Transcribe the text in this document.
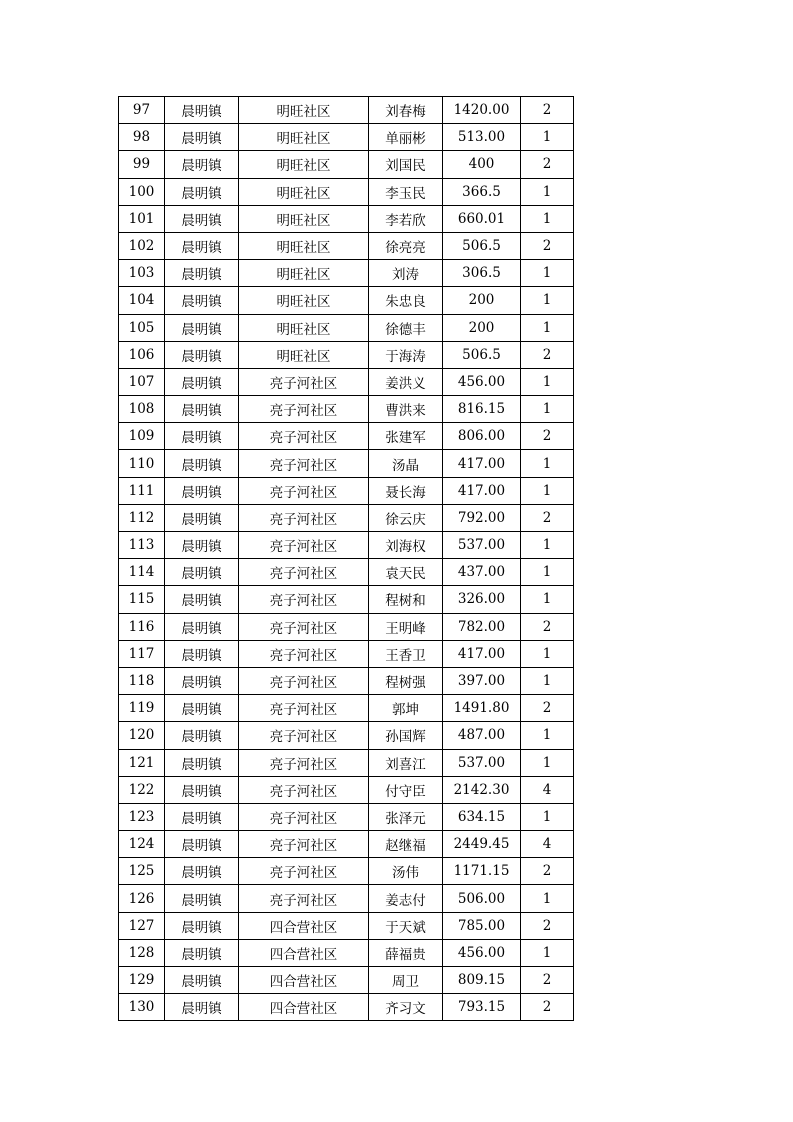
97	晨明镇	明旺社区	刘春梅	1420.00	2
98	晨明镇	明旺社区	单丽彬	513.00	1
99	晨明镇	明旺社区	刘国民	400	2
100	晨明镇	明旺社区	李玉民	366.5	1
101	晨明镇	明旺社区	李若欣	660.01	1
102	晨明镇	明旺社区	徐亮亮	506.5	2
103	晨明镇	明旺社区	刘涛	306.5	1
104	晨明镇	明旺社区	朱忠良	200	1
105	晨明镇	明旺社区	徐德丰	200	1
106	晨明镇	明旺社区	于海涛	506.5	2
107	晨明镇	亮子河社区	姜洪义	456.00	1
108	晨明镇	亮子河社区	曹洪来	816.15	1
109	晨明镇	亮子河社区	张建军	806.00	2
110	晨明镇	亮子河社区	汤晶	417.00	1
111	晨明镇	亮子河社区	聂长海	417.00	1
112	晨明镇	亮子河社区	徐云庆	792.00	2
113	晨明镇	亮子河社区	刘海权	537.00	1
114	晨明镇	亮子河社区	袁天民	437.00	1
115	晨明镇	亮子河社区	程树和	326.00	1
116	晨明镇	亮子河社区	王明峰	782.00	2
117	晨明镇	亮子河社区	王香卫	417.00	1
118	晨明镇	亮子河社区	程树强	397.00	1
119	晨明镇	亮子河社区	郭坤	1491.80	2
120	晨明镇	亮子河社区	孙国辉	487.00	1
121	晨明镇	亮子河社区	刘喜江	537.00	1
122	晨明镇	亮子河社区	付守臣	2142.30	4
123	晨明镇	亮子河社区	张泽元	634.15	1
124	晨明镇	亮子河社区	赵继福	2449.45	4
125	晨明镇	亮子河社区	汤伟	1171.15	2
126	晨明镇	亮子河社区	姜志付	506.00	1
127	晨明镇	四合营社区	于天斌	785.00	2
128	晨明镇	四合营社区	薛福贵	456.00	1
129	晨明镇	四合营社区	周卫	809.15	2
130	晨明镇	四合营社区	齐习文	793.15	2
